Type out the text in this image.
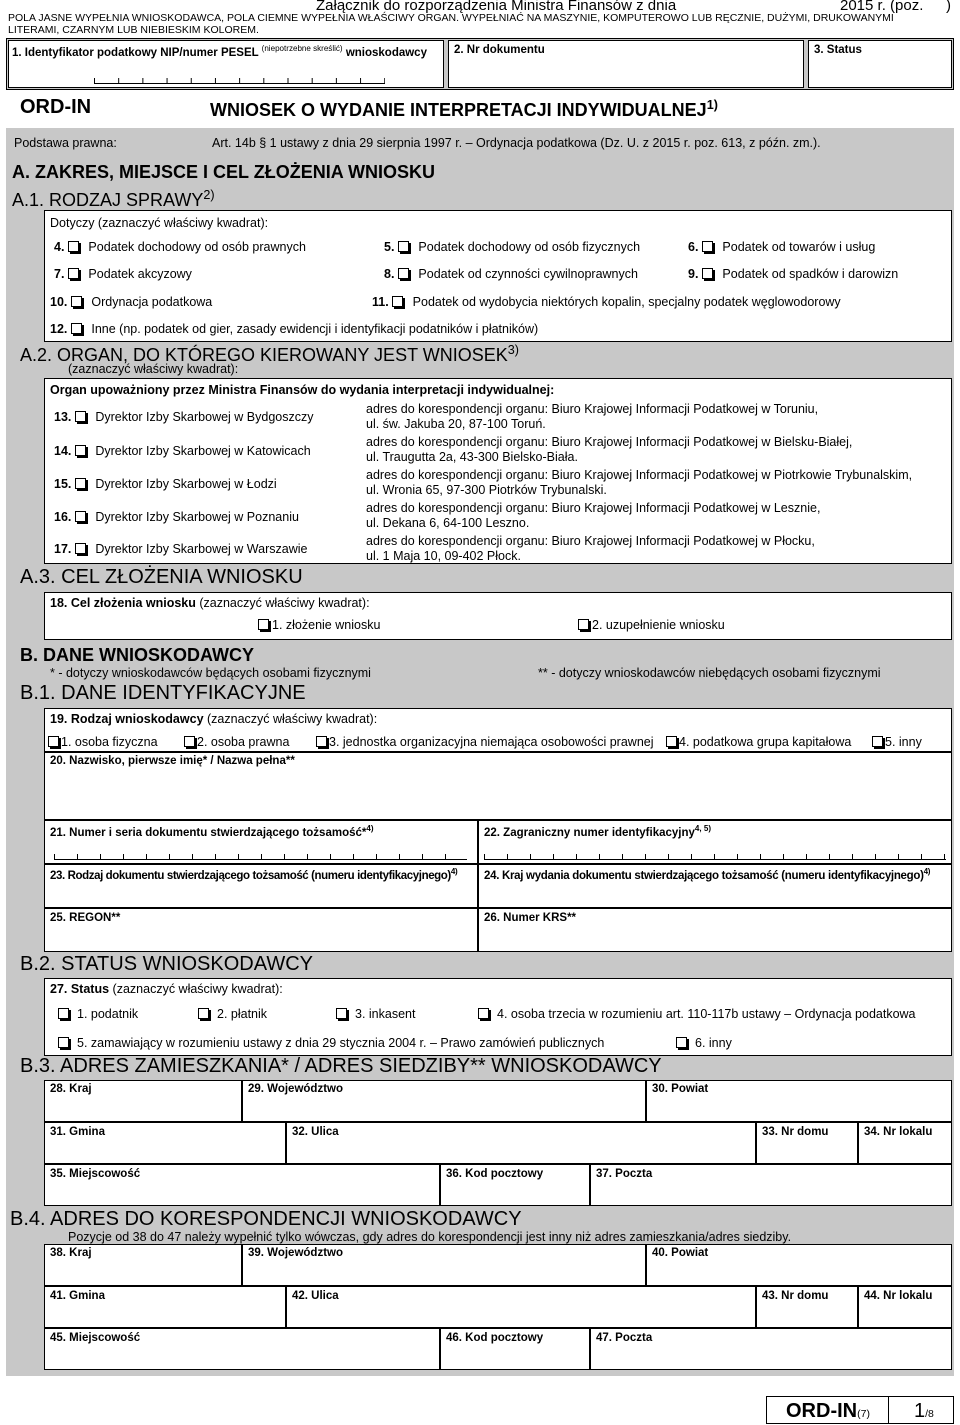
Załącznik do rozporządzenia Ministra Finansów z dnia	2015 r. (poz. )
POLA JASNE WYPEŁNIA WNIOSKODAWCA, POLA CIEMNE WYPEŁNIA WŁAŚCIWY ORGAN. WYPEŁNIAĆ NA MASZYNIE, KOMPUTEROWO LUB RĘCZNIE, DUŻYMI, DRUKOWANYMI
LITERAMI, CZARNYM LUB NIEBIESKIM KOLOREM.
1. Identyfikator podatkowy NIP/numer PESEL $^{(niepotrzebne skreślić)}$ wnioskodawcy 2. Nr dokumentu	3. Status
ORD-IN	WNIOSEK O WYDANIE INTERPRETACJI INDYWIDUALNEJ$^{1)}$
Podstawa prawna:	Art. 14b § 1 ustawy z dnia 29 sierpnia 1997 r. – Ordynacja podatkowa (Dz. U. z 2015 r. poz. 613, z późn. zm.).
A. ZAKRES, MIEJSCE I CEL ZŁOŻENIA WNIOSKU
A.1. RODZAJ SPRAWY$^{2)}$
Dotyczy (zaznaczyć właściwy kwadrat):
4. Podatek dochodowy od osób prawnych	5. Podatek dochodowy od osób fizycznych	6. Podatek od towarów i usług
7. Podatek akcyzowy	8. Podatek od czynności cywilnoprawnych	9. Podatek od spadków i darowizn
10. Ordynacja podatkowa	11. Podatek od wydobycia niektórych kopalin, specjalny podatek węglowodorowy
12. Inne (np. podatek od gier, zasady ewidencji i identyfikacji podatników i płatników)
A.2. ORGAN, DO KTÓREGO KIEROWANY JEST WNIOSEK$^{3)}$
(zaznaczyć właściwy kwadrat):
Organ upoważniony przez Ministra Finansów do wydania interpretacji indywidualnej:
13. Dyrektor Izby Skarbowej w Bydgoszczy
adres do korespondencji organu: Biuro Krajowej Informacji Podatkowej w Toruniu,
ul. św. Jakuba 20, 87-100 Toruń.
14. Dyrektor Izby Skarbowej w Katowicach
adres do korespondencji organu: Biuro Krajowej Informacji Podatkowej w Bielsku-Białej,
ul. Traugutta 2a, 43-300 Bielsko-Biała.
15. Dyrektor Izby Skarbowej w Łodzi
adres do korespondencji organu: Biuro Krajowej Informacji Podatkowej w Piotrkowie Trybunalskim,
ul. Wronia 65, 97-300 Piotrków Trybunalski.
16. Dyrektor Izby Skarbowej w Poznaniu
adres do korespondencji organu: Biuro Krajowej Informacji Podatkowej w Lesznie,
ul. Dekana 6, 64-100 Leszno.
17. Dyrektor Izby Skarbowej w Warszawie
adres do korespondencji organu: Biuro Krajowej Informacji Podatkowej w Płocku,
ul. 1 Maja 10, 09-402 Płock.
A.3. CEL ZŁOŻENIA WNIOSKU
18. Cel złożenia wniosku (zaznaczyć właściwy kwadrat):
1. złożenie wniosku	2. uzupełnienie wniosku
B. DANE WNIOSKODAWCY
* - dotyczy wnioskodawców będących osobami fizycznymi	** - dotyczy wnioskodawców niebędących osobami fizycznymi
B.1. DANE IDENTYFIKACYJNE
19. Rodzaj wnioskodawcy (zaznaczyć właściwy kwadrat):
1. osoba fizyczna	2. osoba prawna	3. jednostka organizacyjna niemająca osobowości prawnej	4. podatkowa grupa kapitałowa	5. inny
20. Nazwisko, pierwsze imię* / Nazwa pełna**
21. Numer i seria dokumentu stwierdzającego tożsamość*$^{4)}$	22. Zagraniczny numer identyfikacyjny$^{4, 5)}$
23. Rodzaj dokumentu stwierdzającego tożsamość (numeru identyfikacyjnego)$^{4)}$ 24. Kraj wydania dokumentu stwierdzającego tożsamość (numeru identyfikacyjnego)$^{4)}$
25. REGON**	26. Numer KRS**
B.2. STATUS WNIOSKODAWCY
27. Status (zaznaczyć właściwy kwadrat):
1. podatnik	2. płatnik	3. inkasent	4. osoba trzecia w rozumieniu art. 110-117b ustawy – Ordynacja podatkowa
5. zamawiający w rozumieniu ustawy z dnia 29 stycznia 2004 r. – Prawo zamówień publicznych	6. inny
B.3. ADRES ZAMIESZKANIA* / ADRES SIEDZIBY** WNIOSKODAWCY
28. Kraj	29. Województwo	30. Powiat
31. Gmina	32. Ulica	33. Nr domu	34. Nr lokalu
35. Miejscowość	36. Kod pocztowy	37. Poczta
B.4. ADRES DO KORESPONDENCJI WNIOSKODAWCY
Pozycje od 38 do 47 należy wypełnić tylko wówczas, gdy adres do korespondencji jest inny niż adres zamieszkania/adres siedziby.
38. Kraj	39. Województwo	40. Powiat
41. Gmina	42. Ulica	43. Nr domu	44. Nr lokalu
45. Miejscowość	46. Kod pocztowy	47. Poczta
ORD-IN(7) 1/8
